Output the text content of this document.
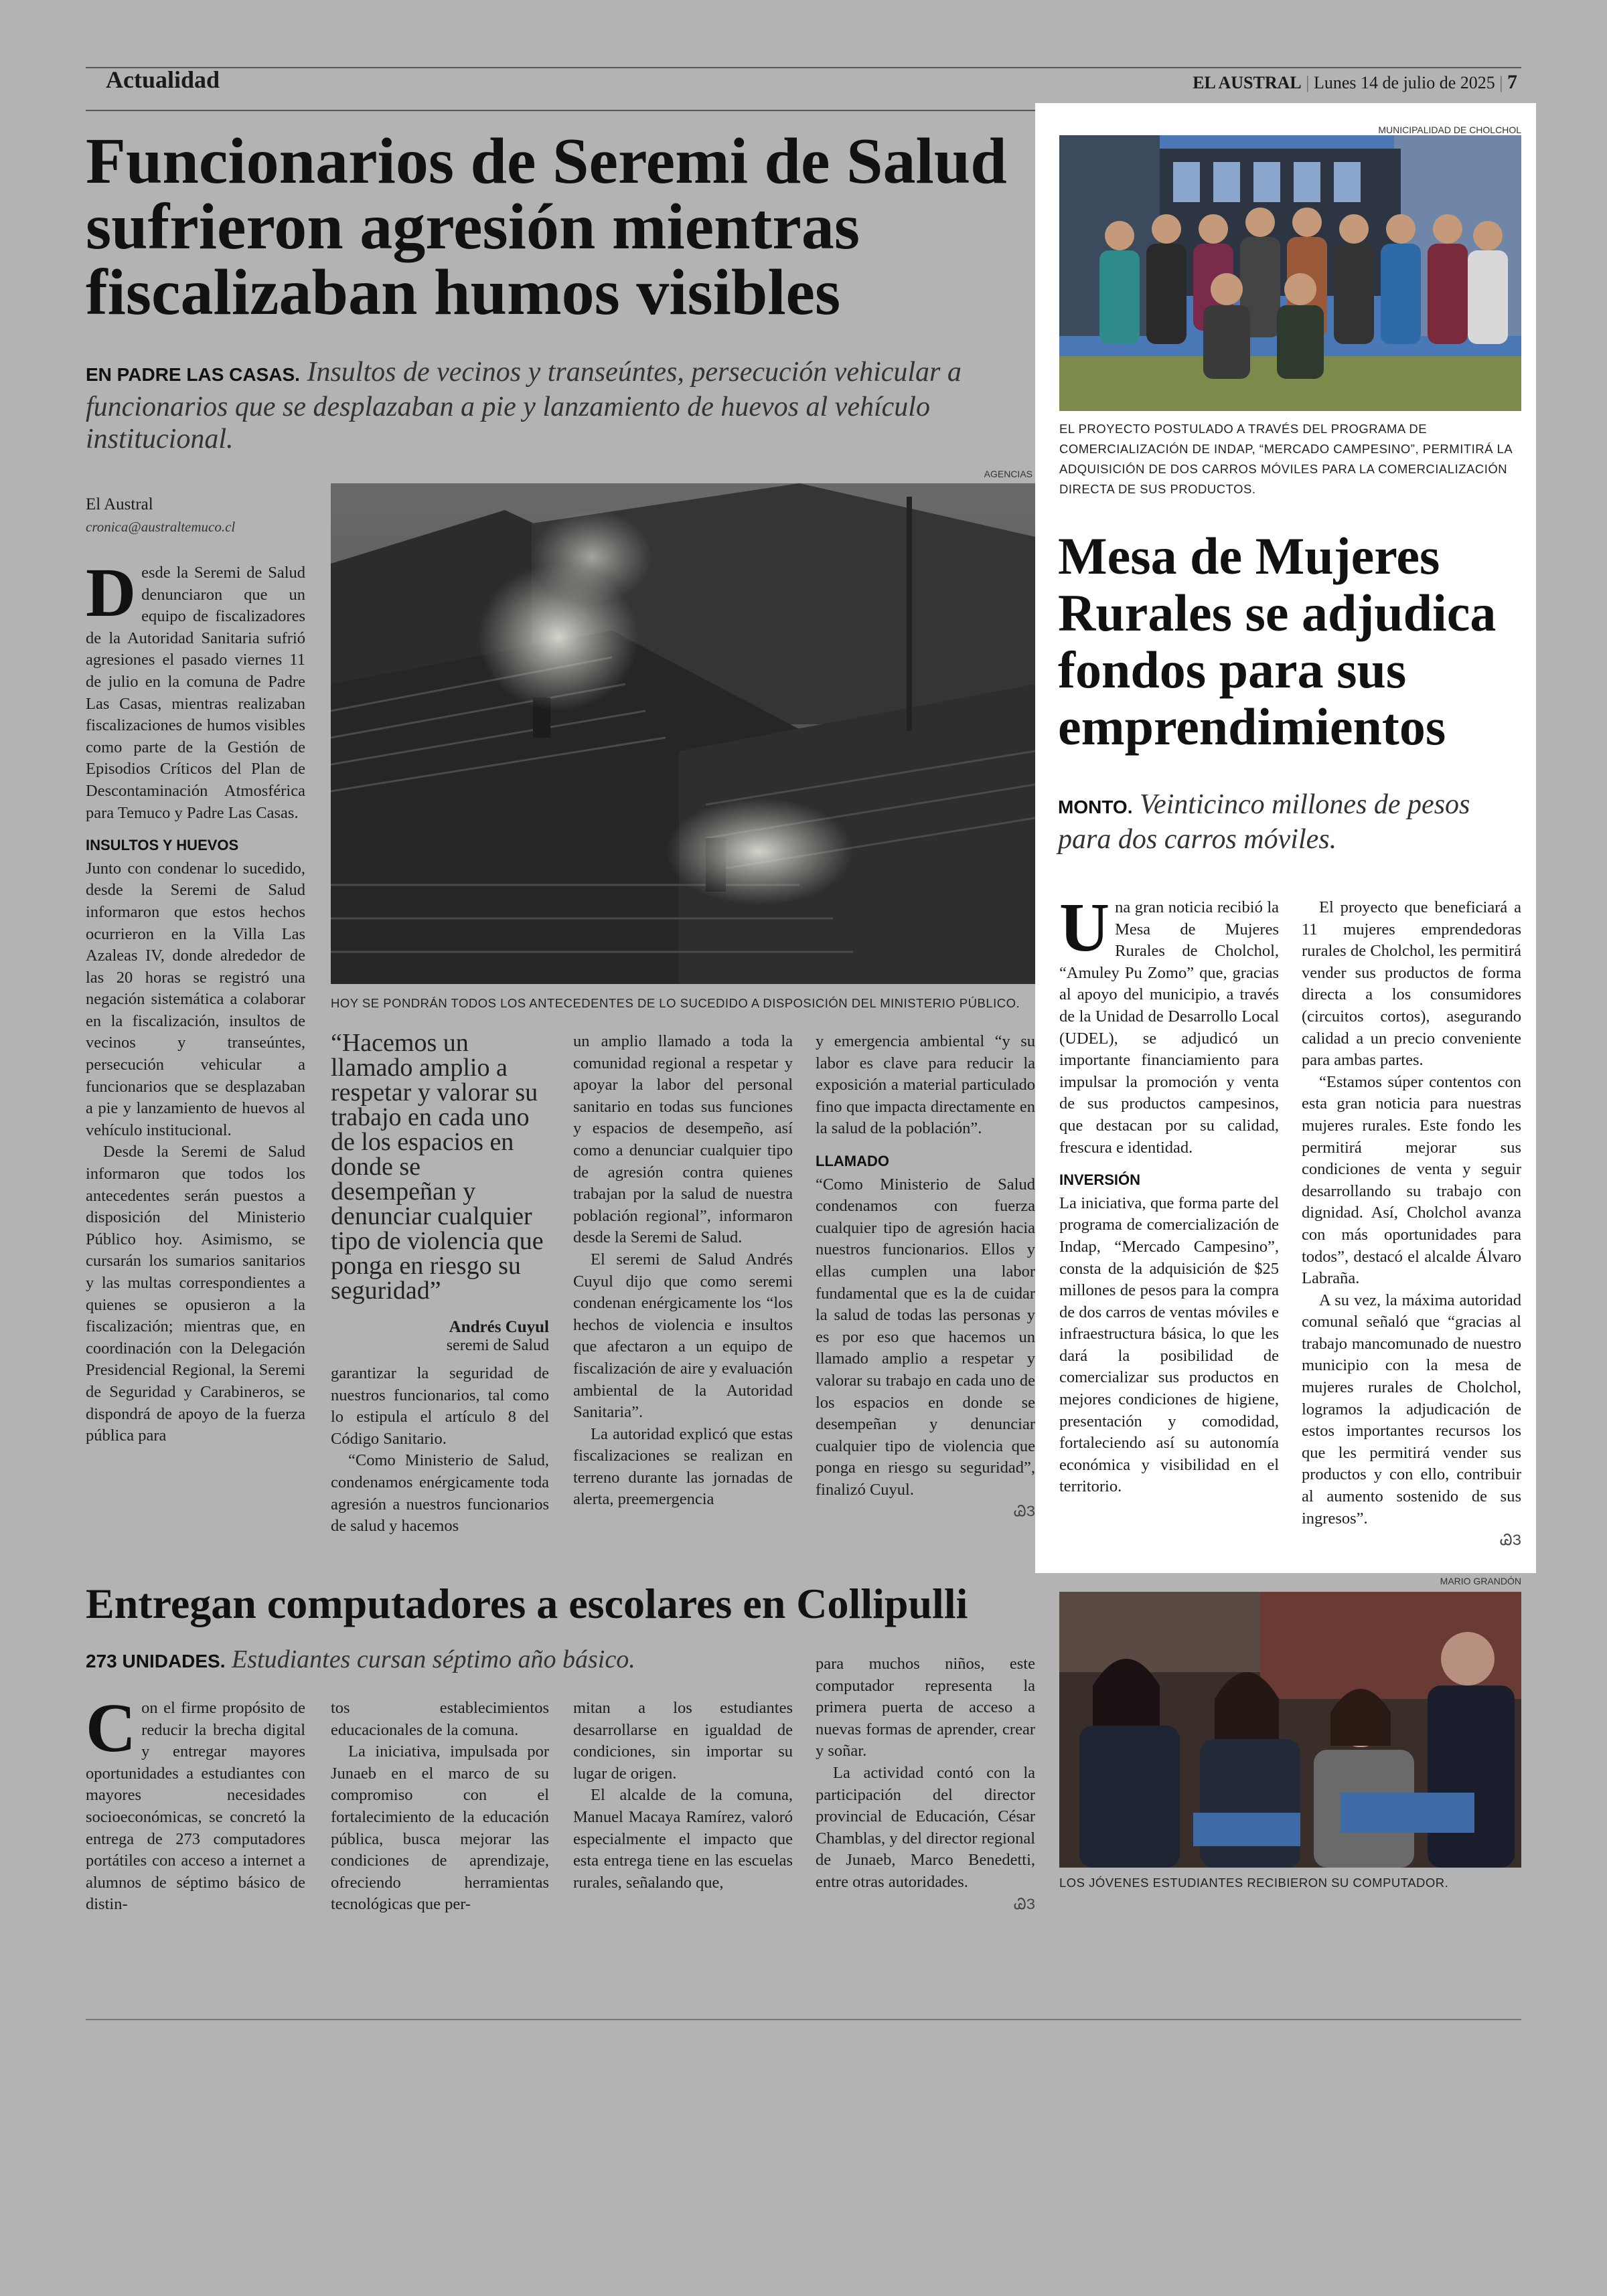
Actualidad	EL AUSTRAL | Lunes 14 de julio de 2025 | 7
Funcionarios de Seremi de Salud
sufrieron agresión mientras
fiscalizaban humos visibles
EN PADRE LAS CASAS. Insultos de vecinos y transeúntes, persecución vehicular a funcionarios que se desplazaban a pie y lanzamiento de huevos al vehículo institucional.
El Austral
cronica@australtemuco.cl
AGENCIAS
HOY SE PONDRÁN TODOS LOS ANTECEDENTES DE LO SUCEDIDO A DISPOSICIÓN DEL MINISTERIO PÚBLICO.

Desde la Seremi de Salud denunciaron que un equipo de fiscalizadores de la Autoridad Sanitaria sufrió agresiones el pasado viernes 11 de julio en la comuna de Padre Las Casas, mientras realizaban fiscalizaciones de humos visibles como parte de la Gestión de Episodios Críticos del Plan de Descontaminación Atmosférica para Temuco y Padre Las Casas.

INSULTOS Y HUEVOS

Junto con condenar lo sucedido, desde la Seremi de Salud informaron que estos hechos ocurrieron en la Villa Las Azaleas IV, donde alrededor de las 20 horas se registró una negación sistemática a colaborar en la fiscalización, insultos de vecinos y transeúntes, persecución vehicular a funcionarios que se desplazaban a pie y lanzamiento de huevos al vehículo institucional.

Desde la Seremi de Salud informaron que todos los antecedentes serán puestos a disposición del Ministerio Público hoy. Asimismo, se cursarán los sumarios sanitarios y las multas correspondientes a quienes se opusieron a la fiscalización; mientras que, en coordinación con la Delegación Presidencial Regional, la Seremi de Seguridad y Carabineros, se dispondrá de apoyo de la fuerza pública para

“Hacemos un llamado amplio a respetar y valorar su trabajo en cada uno de los espacios en donde se desempeñan y denunciar cualquier tipo de violencia que ponga en riesgo su seguridad”
Andrés Cuyul
seremi de Salud

garantizar la seguridad de nuestros funcionarios, tal como lo estipula el artículo 8 del Código Sanitario.

“Como Ministerio de Salud, condenamos enérgicamente toda agresión a nuestros funcionarios de salud y hacemos

un amplio llamado a toda la comunidad regional a respetar y apoyar la labor del personal sanitario en todas sus funciones y espacios de desempeño, así como a denunciar cualquier tipo de agresión contra quienes trabajan por la salud de nuestra población regional”, informaron desde la Seremi de Salud.

El seremi de Salud Andrés Cuyul dijo que como seremi condenan enérgicamente los “los hechos de violencia e insultos que afectaron a un equipo de fiscalización de aire y evaluación ambiental de la Autoridad Sanitaria”.

La autoridad explicó que estas fiscalizaciones se realizan en terreno durante las jornadas de alerta, preemergencia

y emergencia ambiental “y su labor es clave para reducir la exposición a material particulado fino que impacta directamente en la salud de la población”.

LLAMADO

“Como Ministerio de Salud condenamos con fuerza cualquier tipo de agresión hacia nuestros funcionarios. Ellos y ellas cumplen una labor fundamental que es la de cuidar la salud de todas las personas y es por eso que hacemos un llamado amplio a respetar y valorar su trabajo en cada uno de los espacios en donde se desempeñan y denunciar cualquier tipo de violencia que ponga en riesgo su seguridad”, finalizó Cuyul.

ᏊЗ
MUNICIPALIDAD DE CHOLCHOL
EL PROYECTO POSTULADO A TRAVÉS DEL PROGRAMA DE COMERCIALIZACIÓN DE INDAP, “MERCADO CAMPESINO”, PERMITIRÁ LA ADQUISICIÓN DE DOS CARROS MÓVILES PARA LA COMERCIALIZACIÓN DIRECTA DE SUS PRODUCTOS.
Mesa de Mujeres
Rurales se adjudica
fondos para sus
emprendimientos
MONTO. Veinticinco millones de pesos para dos carros móviles.

Una gran noticia recibió la Mesa de Mujeres Rurales de Cholchol, “Amuley Pu Zomo” que, gracias al apoyo del municipio, a través de la Unidad de Desarrollo Local (UDEL), se adjudicó un importante financiamiento para impulsar la promoción y venta de sus productos campesinos, que destacan por su calidad, frescura e identidad.

INVERSIÓN

La iniciativa, que forma parte del programa de comercialización de Indap, “Mercado Campesino”, consta de la adquisición de $25 millones de pesos para la compra de dos carros de ventas móviles e infraestructura básica, lo que les dará la posibilidad de comercializar sus productos en mejores condiciones de higiene, presentación y comodidad, fortaleciendo así su autonomía económica y visibilidad en el territorio.

El proyecto que beneficiará a 11 mujeres emprendedoras rurales de Cholchol, les permitirá vender sus productos de forma directa a los consumidores (circuitos cortos), asegurando calidad a un precio conveniente para ambas partes.

“Estamos súper contentos con esta gran noticia para nuestras mujeres rurales. Este fondo les permitirá mejorar sus condiciones de venta y seguir desarrollando su trabajo con dignidad. Así, Cholchol avanza con más oportunidades para todos”, destacó el alcalde Álvaro Labraña.

A su vez, la máxima autoridad comunal señaló que “gracias al trabajo mancomunado de nuestro municipio con la mesa de mujeres rurales de Cholchol, logramos la adjudicación de estos importantes recursos los que les permitirá vender sus productos y con ello, contribuir al aumento sostenido de sus ingresos”.

ᏊЗ
Entregan computadores a escolares en Collipulli
273 UNIDADES. Estudiantes cursan séptimo año básico.

Con el firme propósito de reducir la brecha digital y entregar mayores oportunidades a estudiantes con mayores necesidades socioeconómicas, se concretó la entrega de 273 computadores portátiles con acceso a internet a alumnos de séptimo básico de distin-

tos establecimientos educacionales de la comuna.

La iniciativa, impulsada por Junaeb en el marco de su compromiso con el fortalecimiento de la educación pública, busca mejorar las condiciones de aprendizaje, ofreciendo herramientas tecnológicas que per-

mitan a los estudiantes desarrollarse en igualdad de condiciones, sin importar su lugar de origen.

El alcalde de la comuna, Manuel Macaya Ramírez, valoró especialmente el impacto que esta entrega tiene en las escuelas rurales, señalando que,

para muchos niños, este computador representa la primera puerta de acceso a nuevas formas de aprender, crear y soñar.

La actividad contó con la participación del director provincial de Educación, César Chamblas, y del director regional de Junaeb, Marco Benedetti, entre otras autoridades.

ᏊЗ
MARIO GRANDÓN
LOS JÓVENES ESTUDIANTES RECIBIERON SU COMPUTADOR.
